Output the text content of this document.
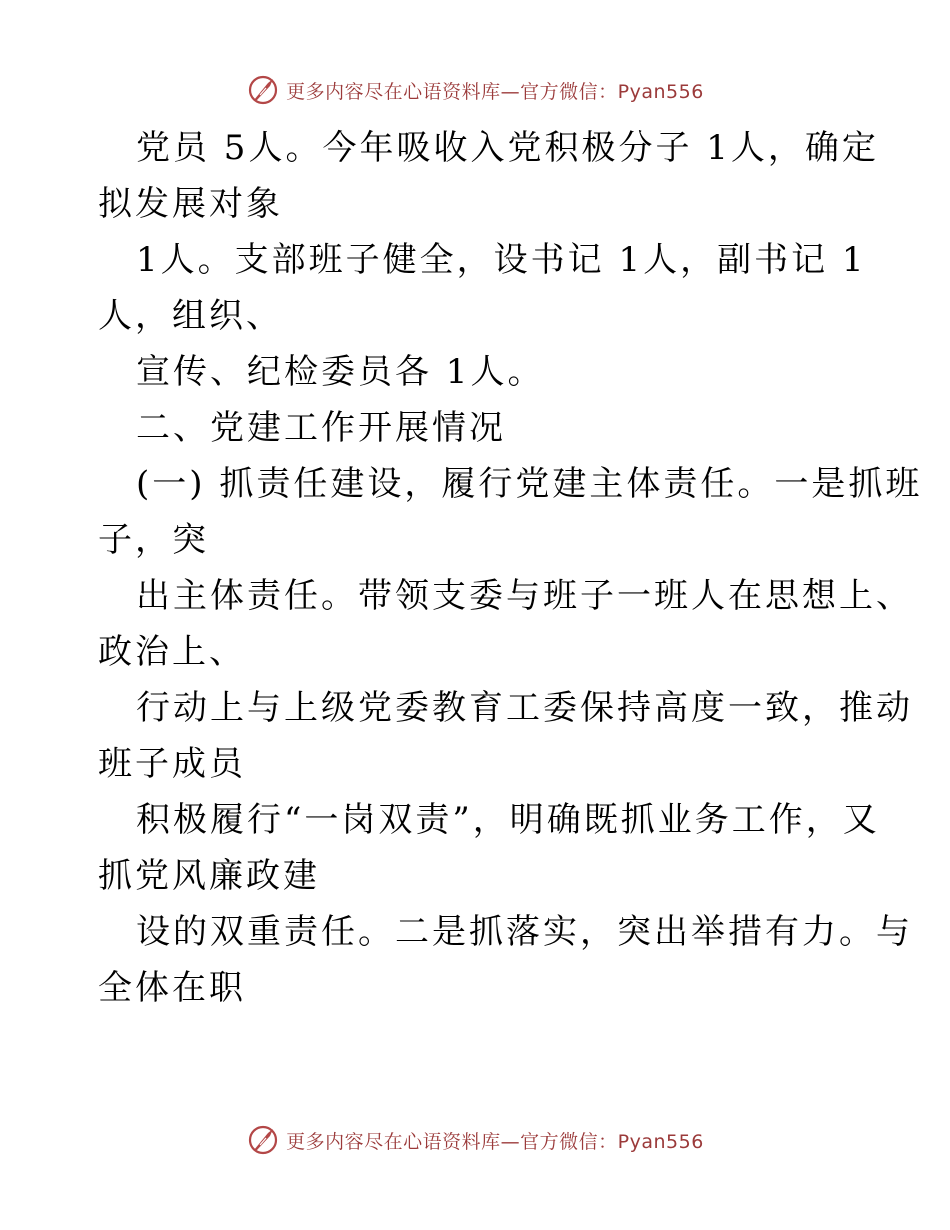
更多内容尽在心语资料库—官方微信：Pyan556
党员 5人。今年吸收入党积极分子 1人，确定
拟发展对象
1人。支部班子健全，设书记 1人，副书记 1
人，组织、
宣传、纪检委员各 1人。
二、党建工作开展情况
(一) 抓责任建设，履行党建主体责任。一是抓班
子，突
出主体责任。带领支委与班子一班人在思想上、
政治上、
行动上与上级党委教育工委保持高度一致，推动
班子成员
积极履行“一岗双责”，明确既抓业务工作，又
抓党风廉政建
设的双重责任。二是抓落实，突出举措有力。与
全体在职
更多内容尽在心语资料库—官方微信：Pyan556
